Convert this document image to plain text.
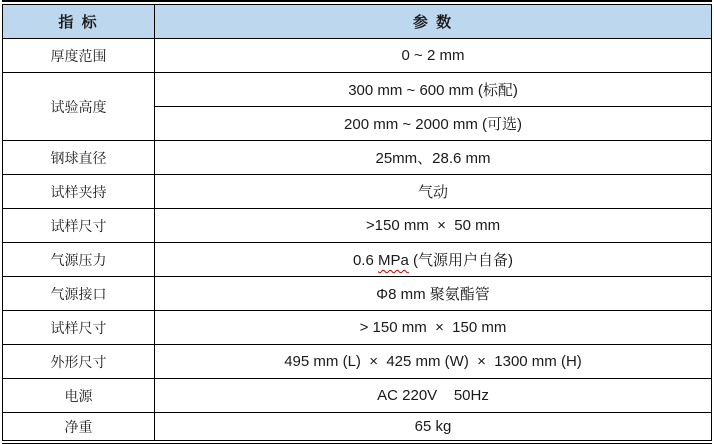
指 标	参 数
厚度范围	0 ~ 2 mm
试验高度	300 mm ~ 600 mm (标配)
	200 mm ~ 2000 mm (可选)
钢球直径	25mm、28.6 mm
试样夹持	气动
试样尺寸	>150 mm  ×  50 mm
气源压力	0.6 MPa (气源用户自备)
气源接口	Φ8 mm 聚氨酯管
试样尺寸	> 150 mm  ×  150 mm
外形尺寸	495 mm (L)  ×  425 mm (W)  ×  1300 mm (H)
电源	AC 220V    50Hz
净重	65 kg
